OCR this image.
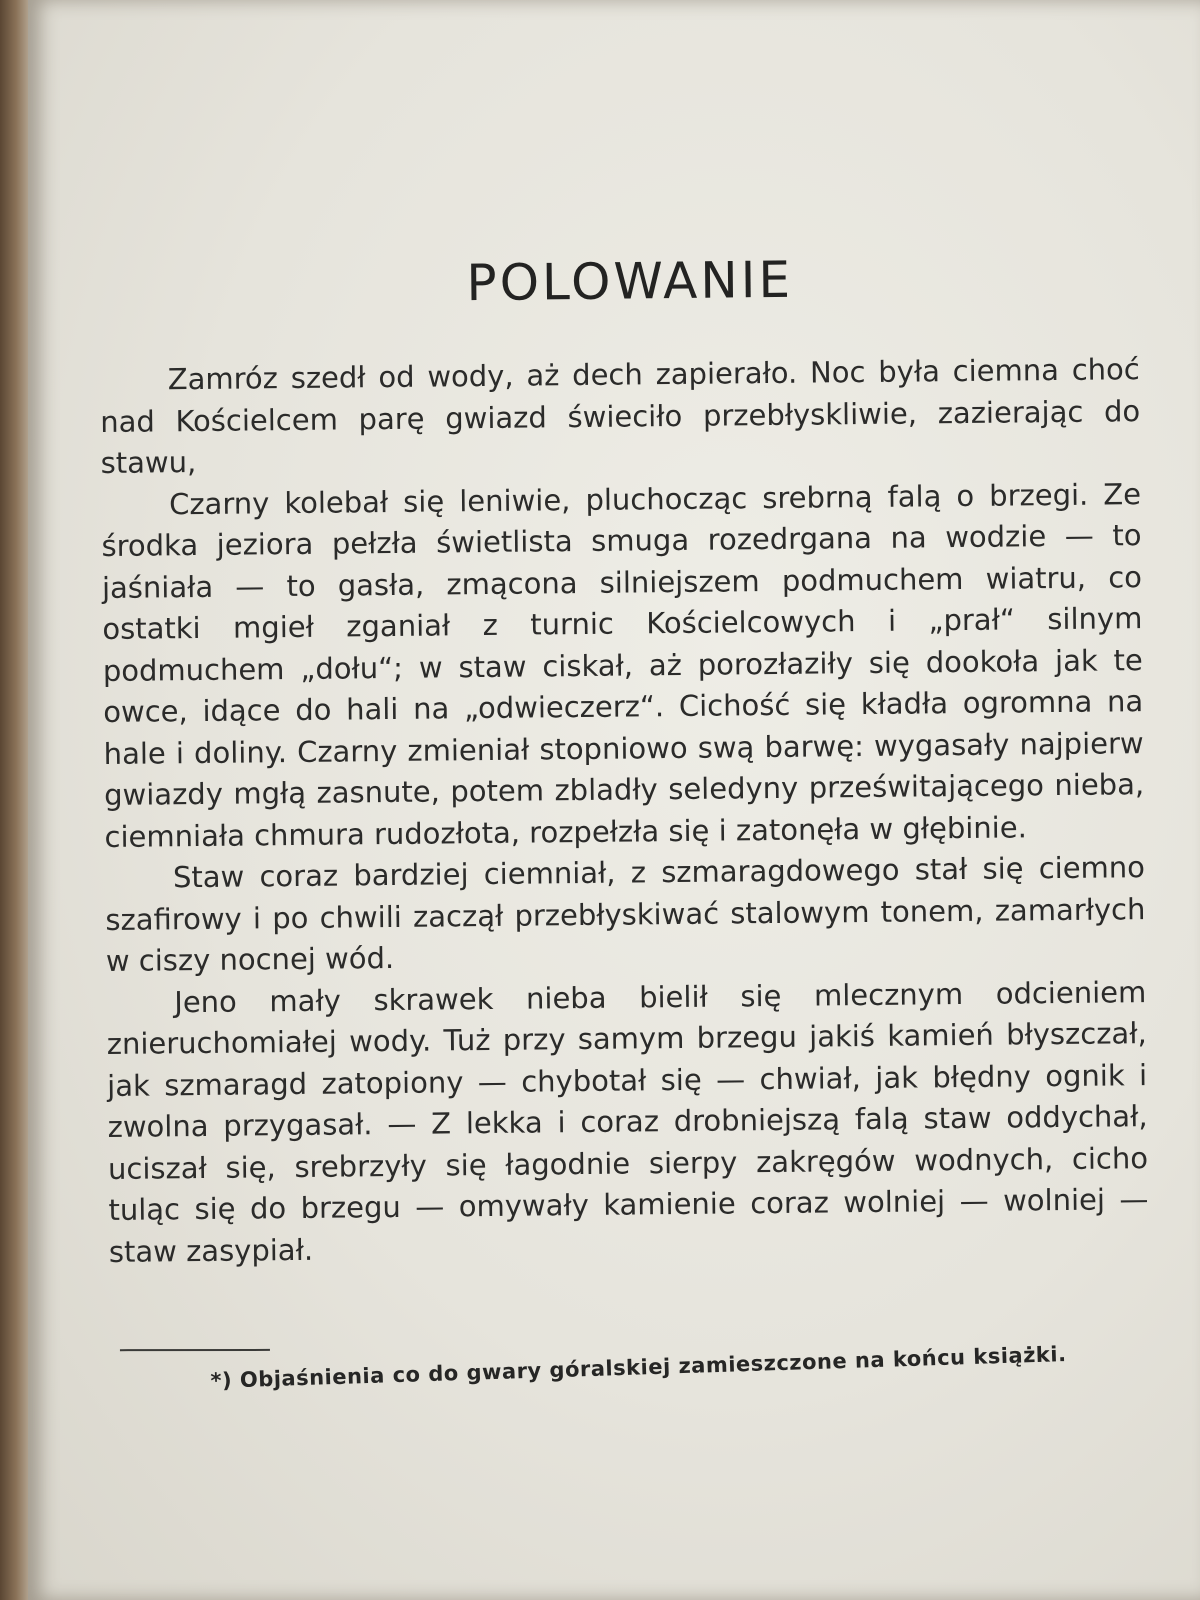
POLOWANIE

Zamróz szedł od wody, aż dech zapierało. Noc była ciemna choć nad Kościelcem parę gwiazd świeciło przebłyskliwie, zazierając do stawu,

Czarny kolebał się leniwie, pluchocząc srebrną falą o brzegi. Ze środka jeziora pełzła świetlista smuga rozedrgana na wodzie — to jaśniała — to gasła, zmącona silniejszem podmuchem wiatru, co ostatki mgieł zganiał z turnic Kościelcowych i „prał“ silnym podmuchem „dołu“; w staw ciskał, aż porozłaziły się dookoła jak te owce, idące do hali na „odwieczerz“. Cichość się kładła ogromna na hale i doliny. Czarny zmieniał stopniowo swą barwę: wygasały najpierw gwiazdy mgłą zasnute, potem zbladły seledyny prześwitającego nieba, ciemniała chmura rudozłota, rozpełzła się i zatonęła w głębinie.

Staw coraz bardziej ciemniał, z szmaragdowego stał się ciemno szafirowy i po chwili zaczął przebłyskiwać stalowym tonem, zamarłych w ciszy nocnej wód.

Jeno mały skrawek nieba bielił się mlecznym odcieniem znieruchomiałej wody. Tuż przy samym brzegu jakiś kamień błyszczał, jak szmaragd zatopiony — chybotał się — chwiał, jak błędny ognik i zwolna przygasał. — Z lekka i coraz drobniejszą falą staw oddychał, uciszał się, srebrzyły się łagodnie sierpy zakręgów wodnych, cicho tuląc się do brzegu — omywały kamienie coraz wolniej — wolniej — staw zasypiał.

*) Objaśnienia co do gwary góralskiej zamieszczone na końcu książki.
